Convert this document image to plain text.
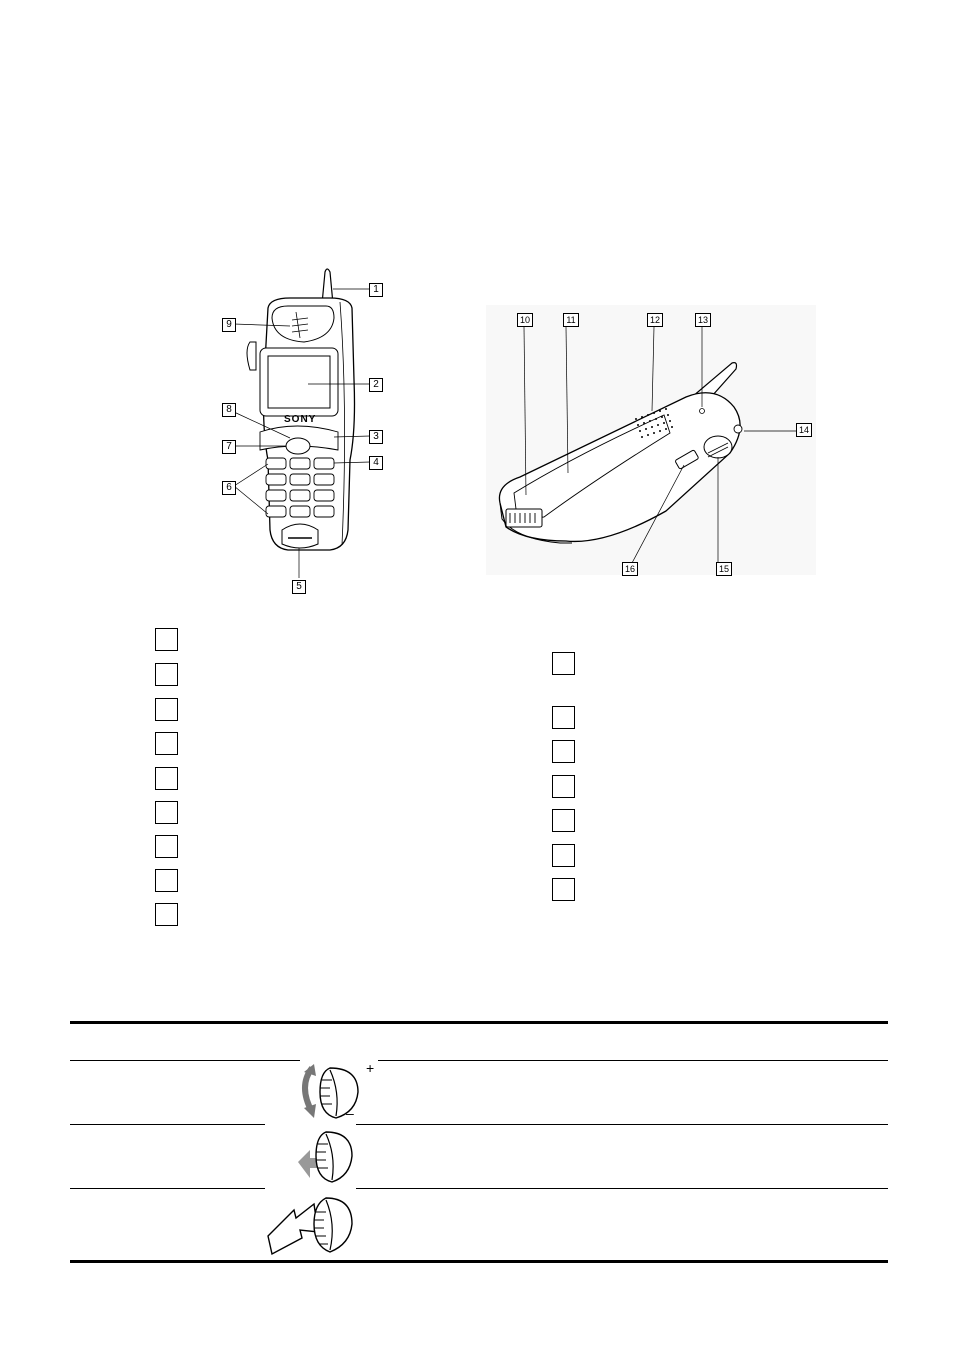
SONY
1
2
3
4
5
6
7
8
9	10	11	12	13
14
15
16
+
–
